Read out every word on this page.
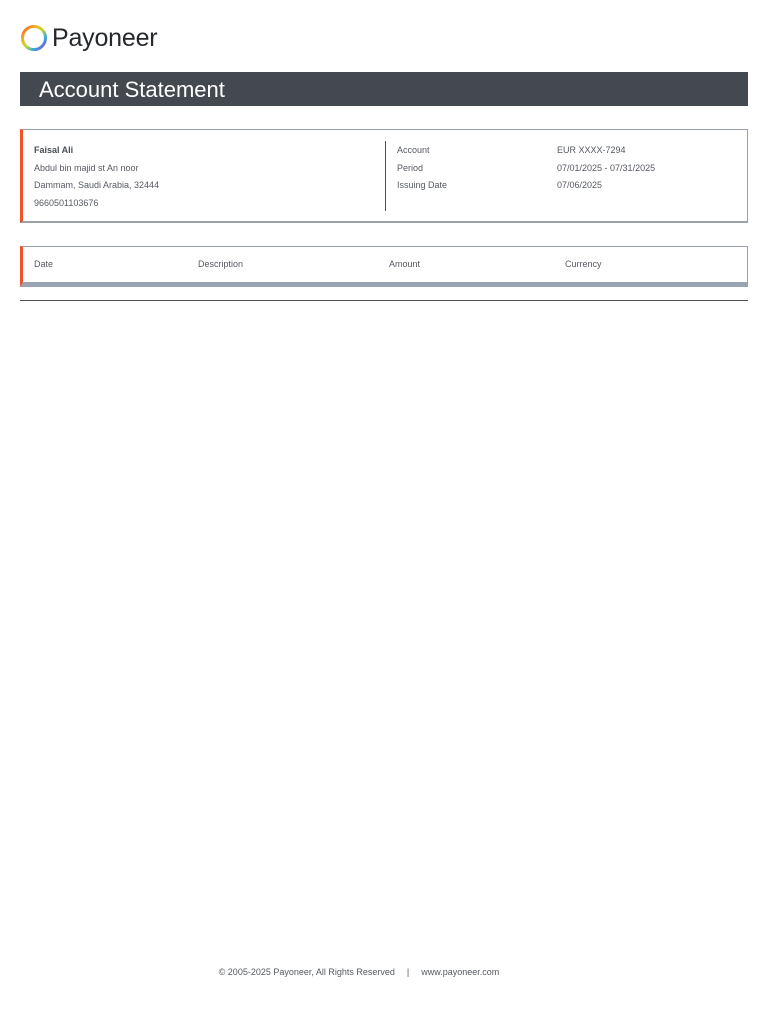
Payoneer
Account Statement
Faisal Ali
Abdul bin majid st An noor
Dammam, Saudi Arabia, 32444
9660501103676
Account	EUR XXXX-7294
Period	07/01/2025 - 07/31/2025
Issuing Date	07/06/2025
Date	Description	Amount	Currency
© 2005-2025 Payoneer, All Rights Reserved | www.payoneer.com
